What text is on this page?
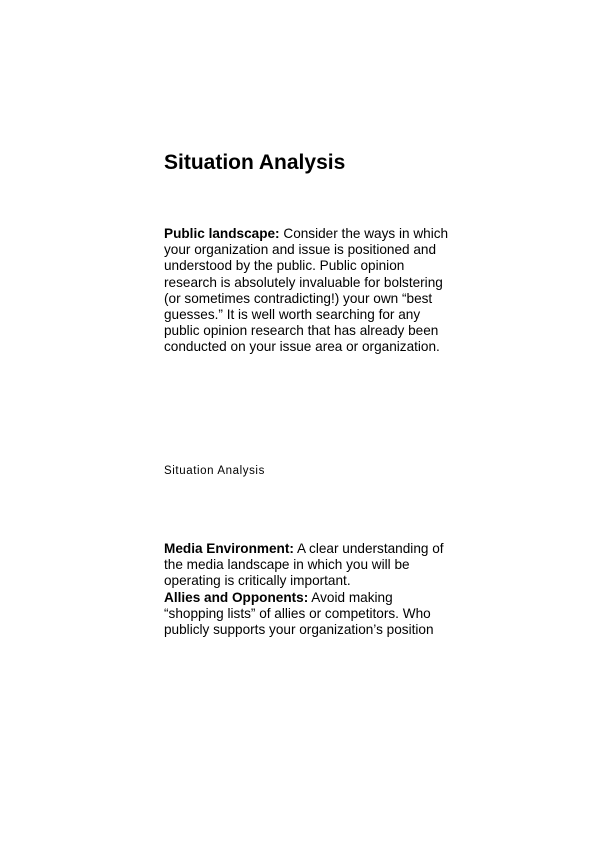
Situation Analysis

Public landscape: Consider the ways in which your organization and issue is positioned and understood by the public. Public opinion research is absolutely invaluable for bolstering (or sometimes contradicting!) your own “best guesses.” It is well worth searching for any public opinion research that has already been conducted on your issue area or organization.

Situation Analysis

Media Environment: A clear understanding of the media landscape in which you will be operating is critically important.

Allies and Opponents: Avoid making “shopping lists” of allies or competitors. Who publicly supports your organization’s position
